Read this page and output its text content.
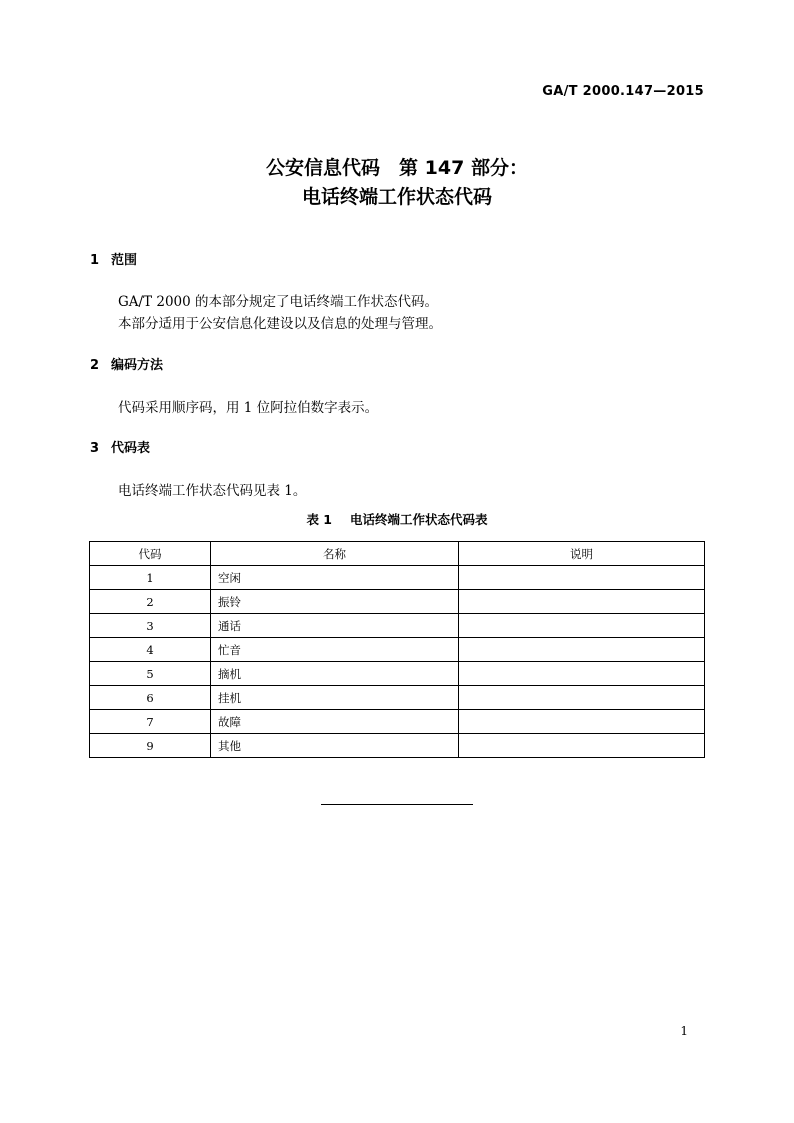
GA/T 2000.147—2015
公安信息代码　第 147 部分：
电话终端工作状态代码
1 范围
GA/T 2000 的本部分规定了电话终端工作状态代码。
本部分适用于公安信息化建设以及信息的处理与管理。
2 编码方法
代码采用顺序码，用 1 位阿拉伯数字表示。
3 代码表
电话终端工作状态代码见表 1。
表 1 电话终端工作状态代码表
代码	名称	说明
1	空闲	
2	振铃	
3	通话	
4	忙音	
5	摘机	
6	挂机	
7	故障	
9	其他	
1
